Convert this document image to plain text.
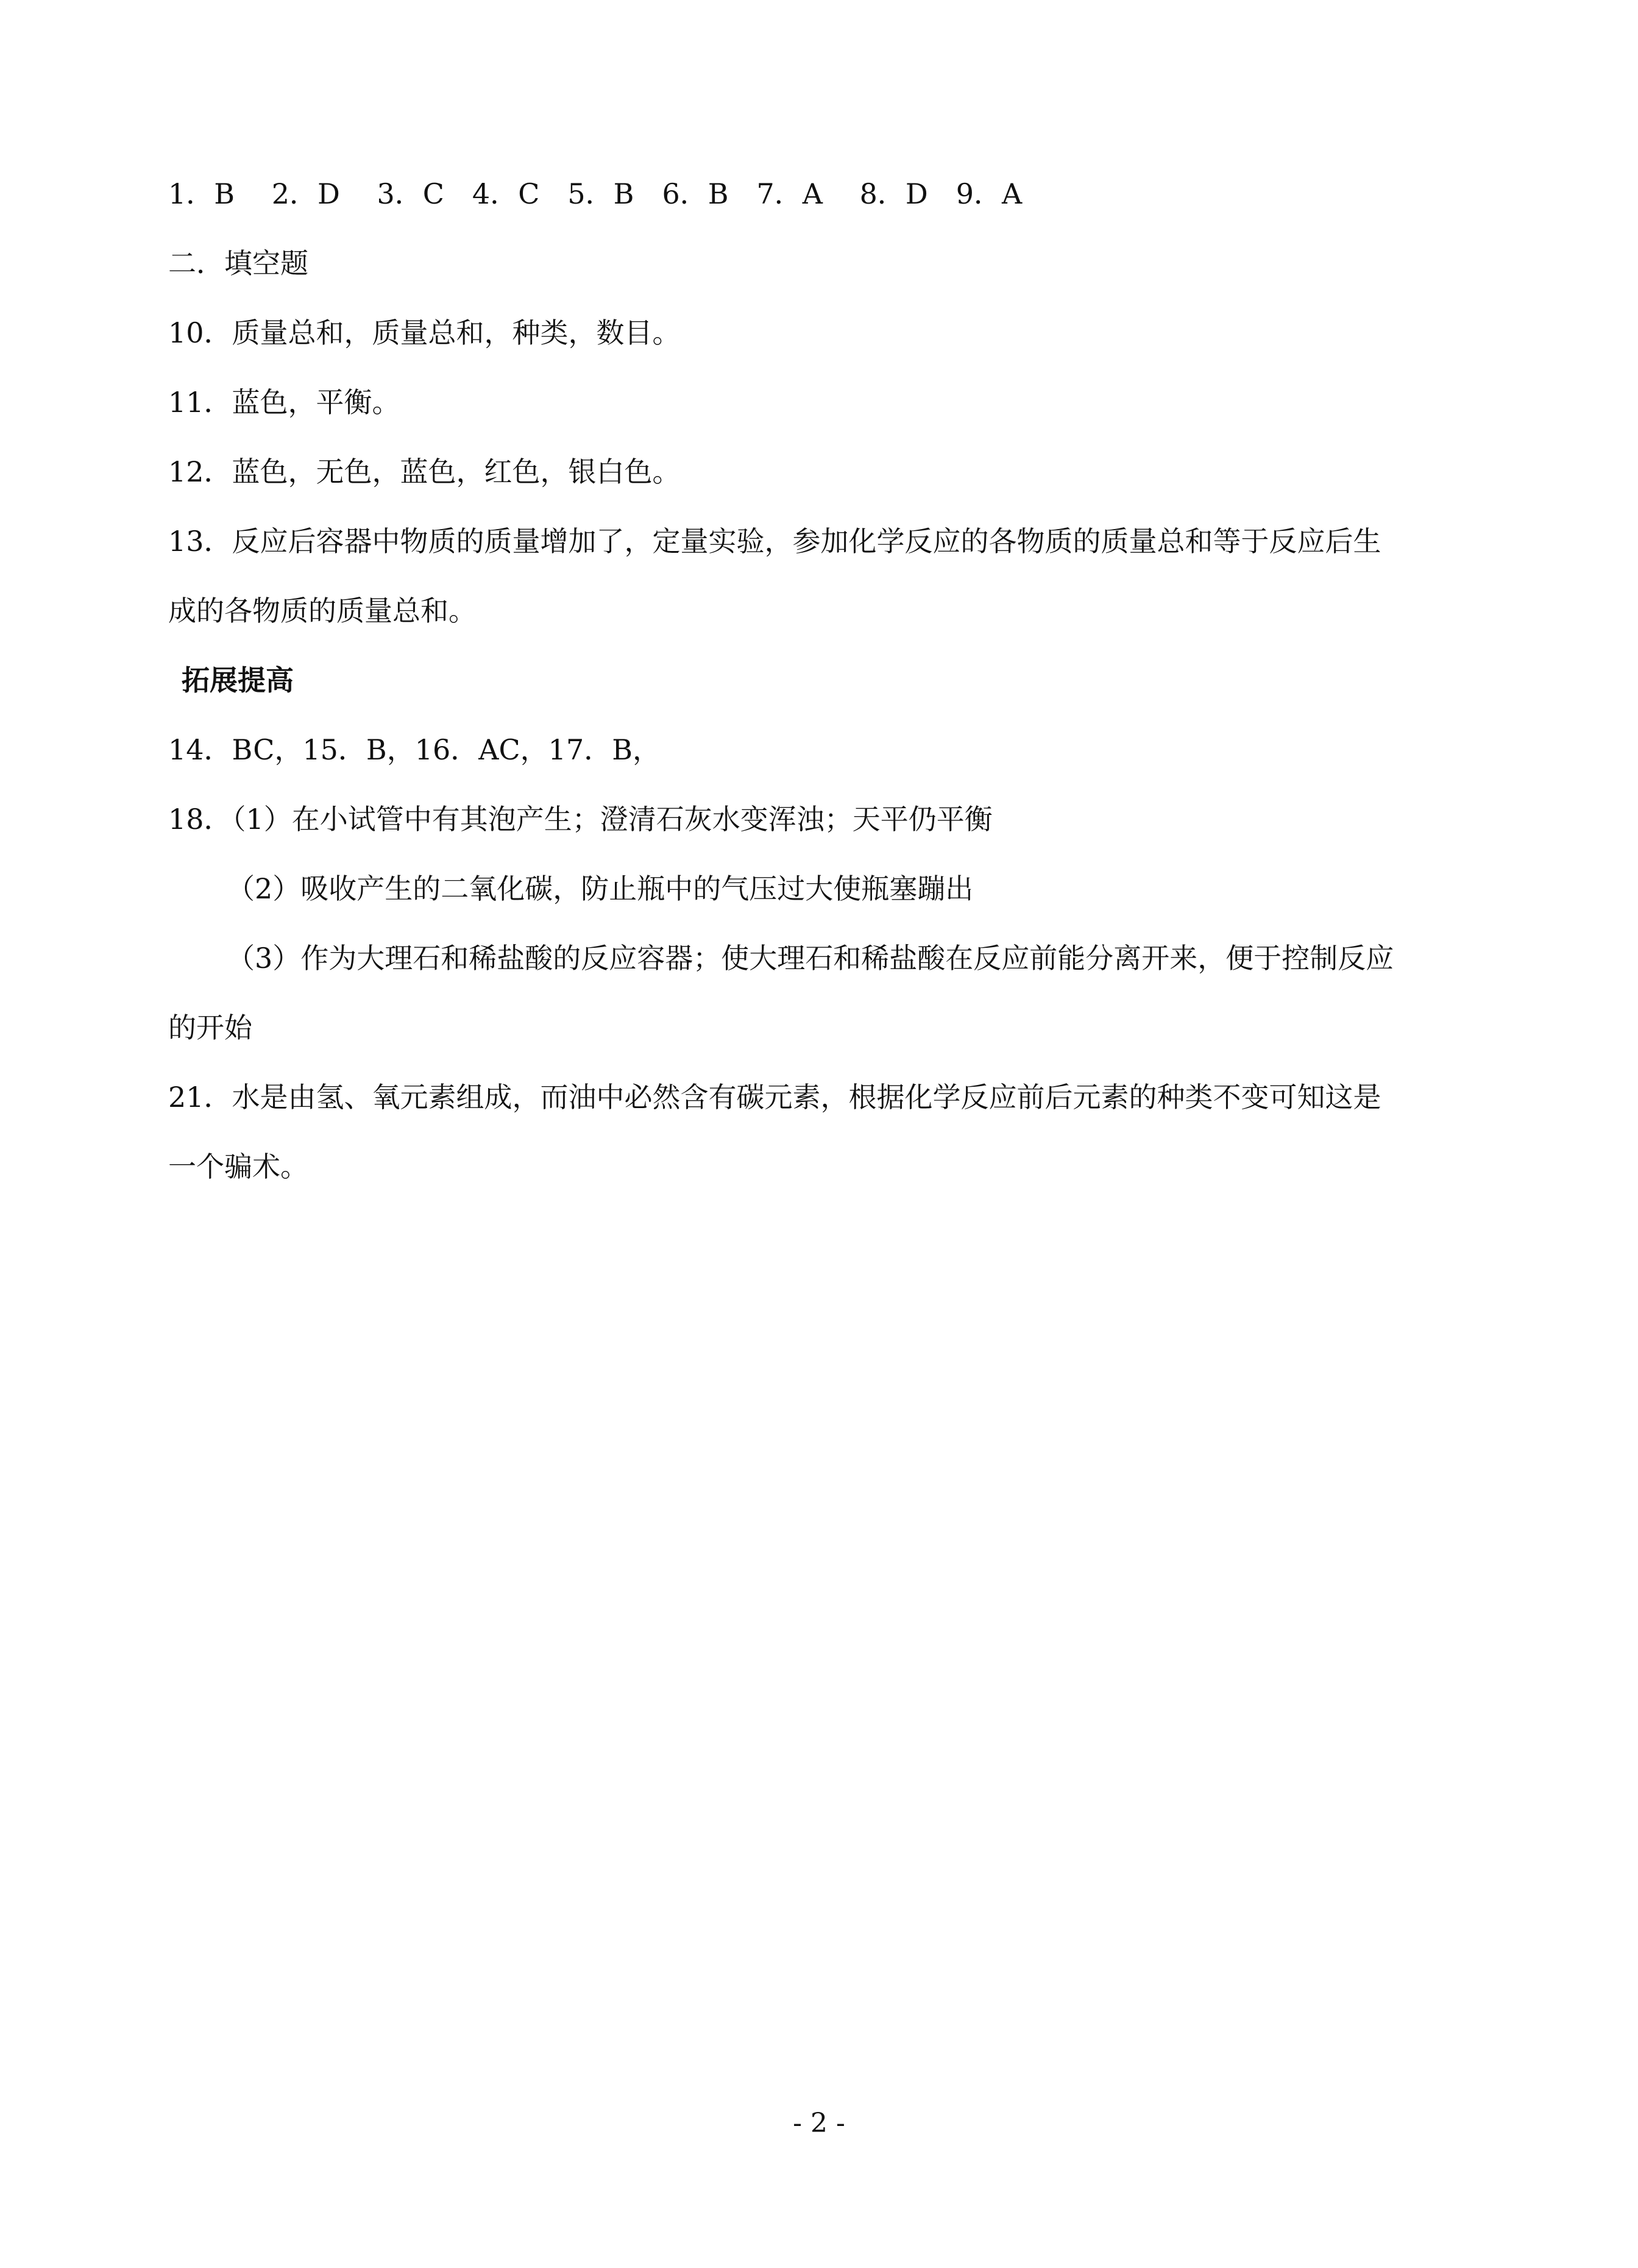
1．B　 2．D　 3．C　4．C　5．B　6．B　7．A　 8．D　9．A
二．填空题
10．质量总和，质量总和，种类，数目。
11．蓝色，平衡。
12．蓝色，无色，蓝色，红色，银白色。
13．反应后容器中物质的质量增加了，定量实验，参加化学反应的各物质的质量总和等于反应后生
成的各物质的质量总和。
拓展提高
14．BC，15．B，16．AC，17．B，
18．（1）在小试管中有其泡产生；澄清石灰水变浑浊；天平仍平衡
（2）吸收产生的二氧化碳，防止瓶中的气压过大使瓶塞蹦出
（3）作为大理石和稀盐酸的反应容器；使大理石和稀盐酸在反应前能分离开来，便于控制反应
的开始
21．水是由氢、氧元素组成，而油中必然含有碳元素，根据化学反应前后元素的种类不变可知这是
一个骗术。
- 2 -
